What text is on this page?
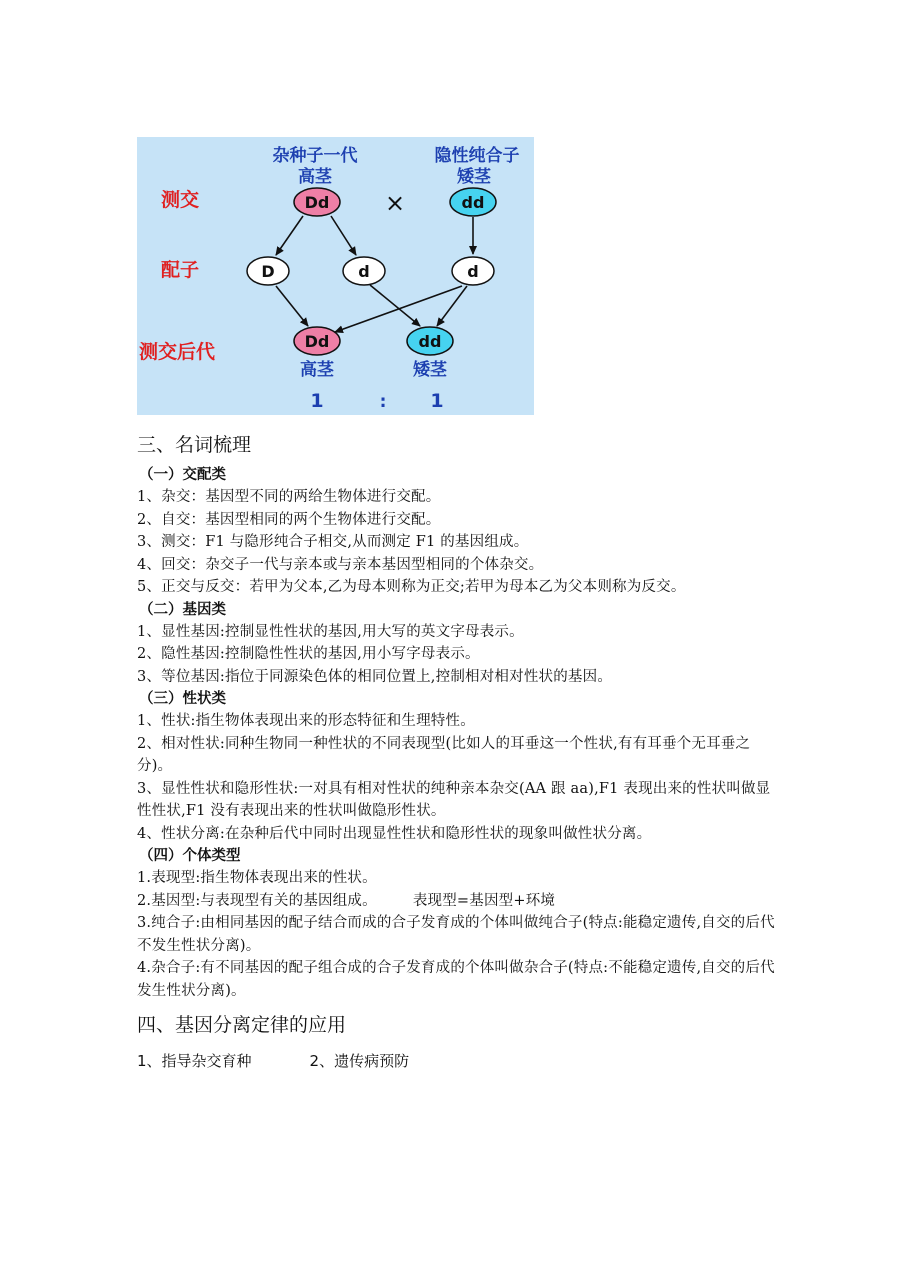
杂种子一代
高茎
隐性纯合子
矮茎
测交
配子
测交后代
Dd ×	dd
D	d	d
Dd	dd
高茎	矮茎
1	: 1
三、名词梳理
（一）交配类

1、杂交：基因型不同的两给生物体进行交配。

2、自交：基因型相同的两个生物体进行交配。

3、测交：F1 与隐形纯合子相交,从而测定 F1 的基因组成。

4、回交：杂交子一代与亲本或与亲本基因型相同的个体杂交。

5、正交与反交：若甲为父本,乙为母本则称为正交;若甲为母本乙为父本则称为反交。

（二）基因类

1、显性基因:控制显性性状的基因,用大写的英文字母表示。

2、隐性基因:控制隐性性状的基因,用小写字母表示。

3、等位基因:指位于同源染色体的相同位置上,控制相对相对性状的基因。

（三）性状类

1、性状:指生物体表现出来的形态特征和生理特性。

2、相对性状:同种生物同一种性状的不同表现型(比如人的耳垂这一个性状,有有耳垂个无耳垂之分)。

3、显性性状和隐形性状:一对具有相对性状的纯种亲本杂交(AA 跟 aa),F1 表现出来的性状叫做显性性状,F1 没有表现出来的性状叫做隐形性状。

4、性状分离:在杂种后代中同时出现显性性状和隐形性状的现象叫做性状分离。

（四）个体类型

1.表现型:指生物体表现出来的性状。

2.基因型:与表现型有关的基因组成。 表现型=基因型+环境

3.纯合子:由相同基因的配子结合而成的合子发育成的个体叫做纯合子(特点:能稳定遗传,自交的后代不发生性状分离)。

4.杂合子:有不同基因的配子组合成的合子发育成的个体叫做杂合子(特点:不能稳定遗传,自交的后代发生性状分离)。

四、基因分离定律的应用
1、指导杂交育种	2、遗传病预防
